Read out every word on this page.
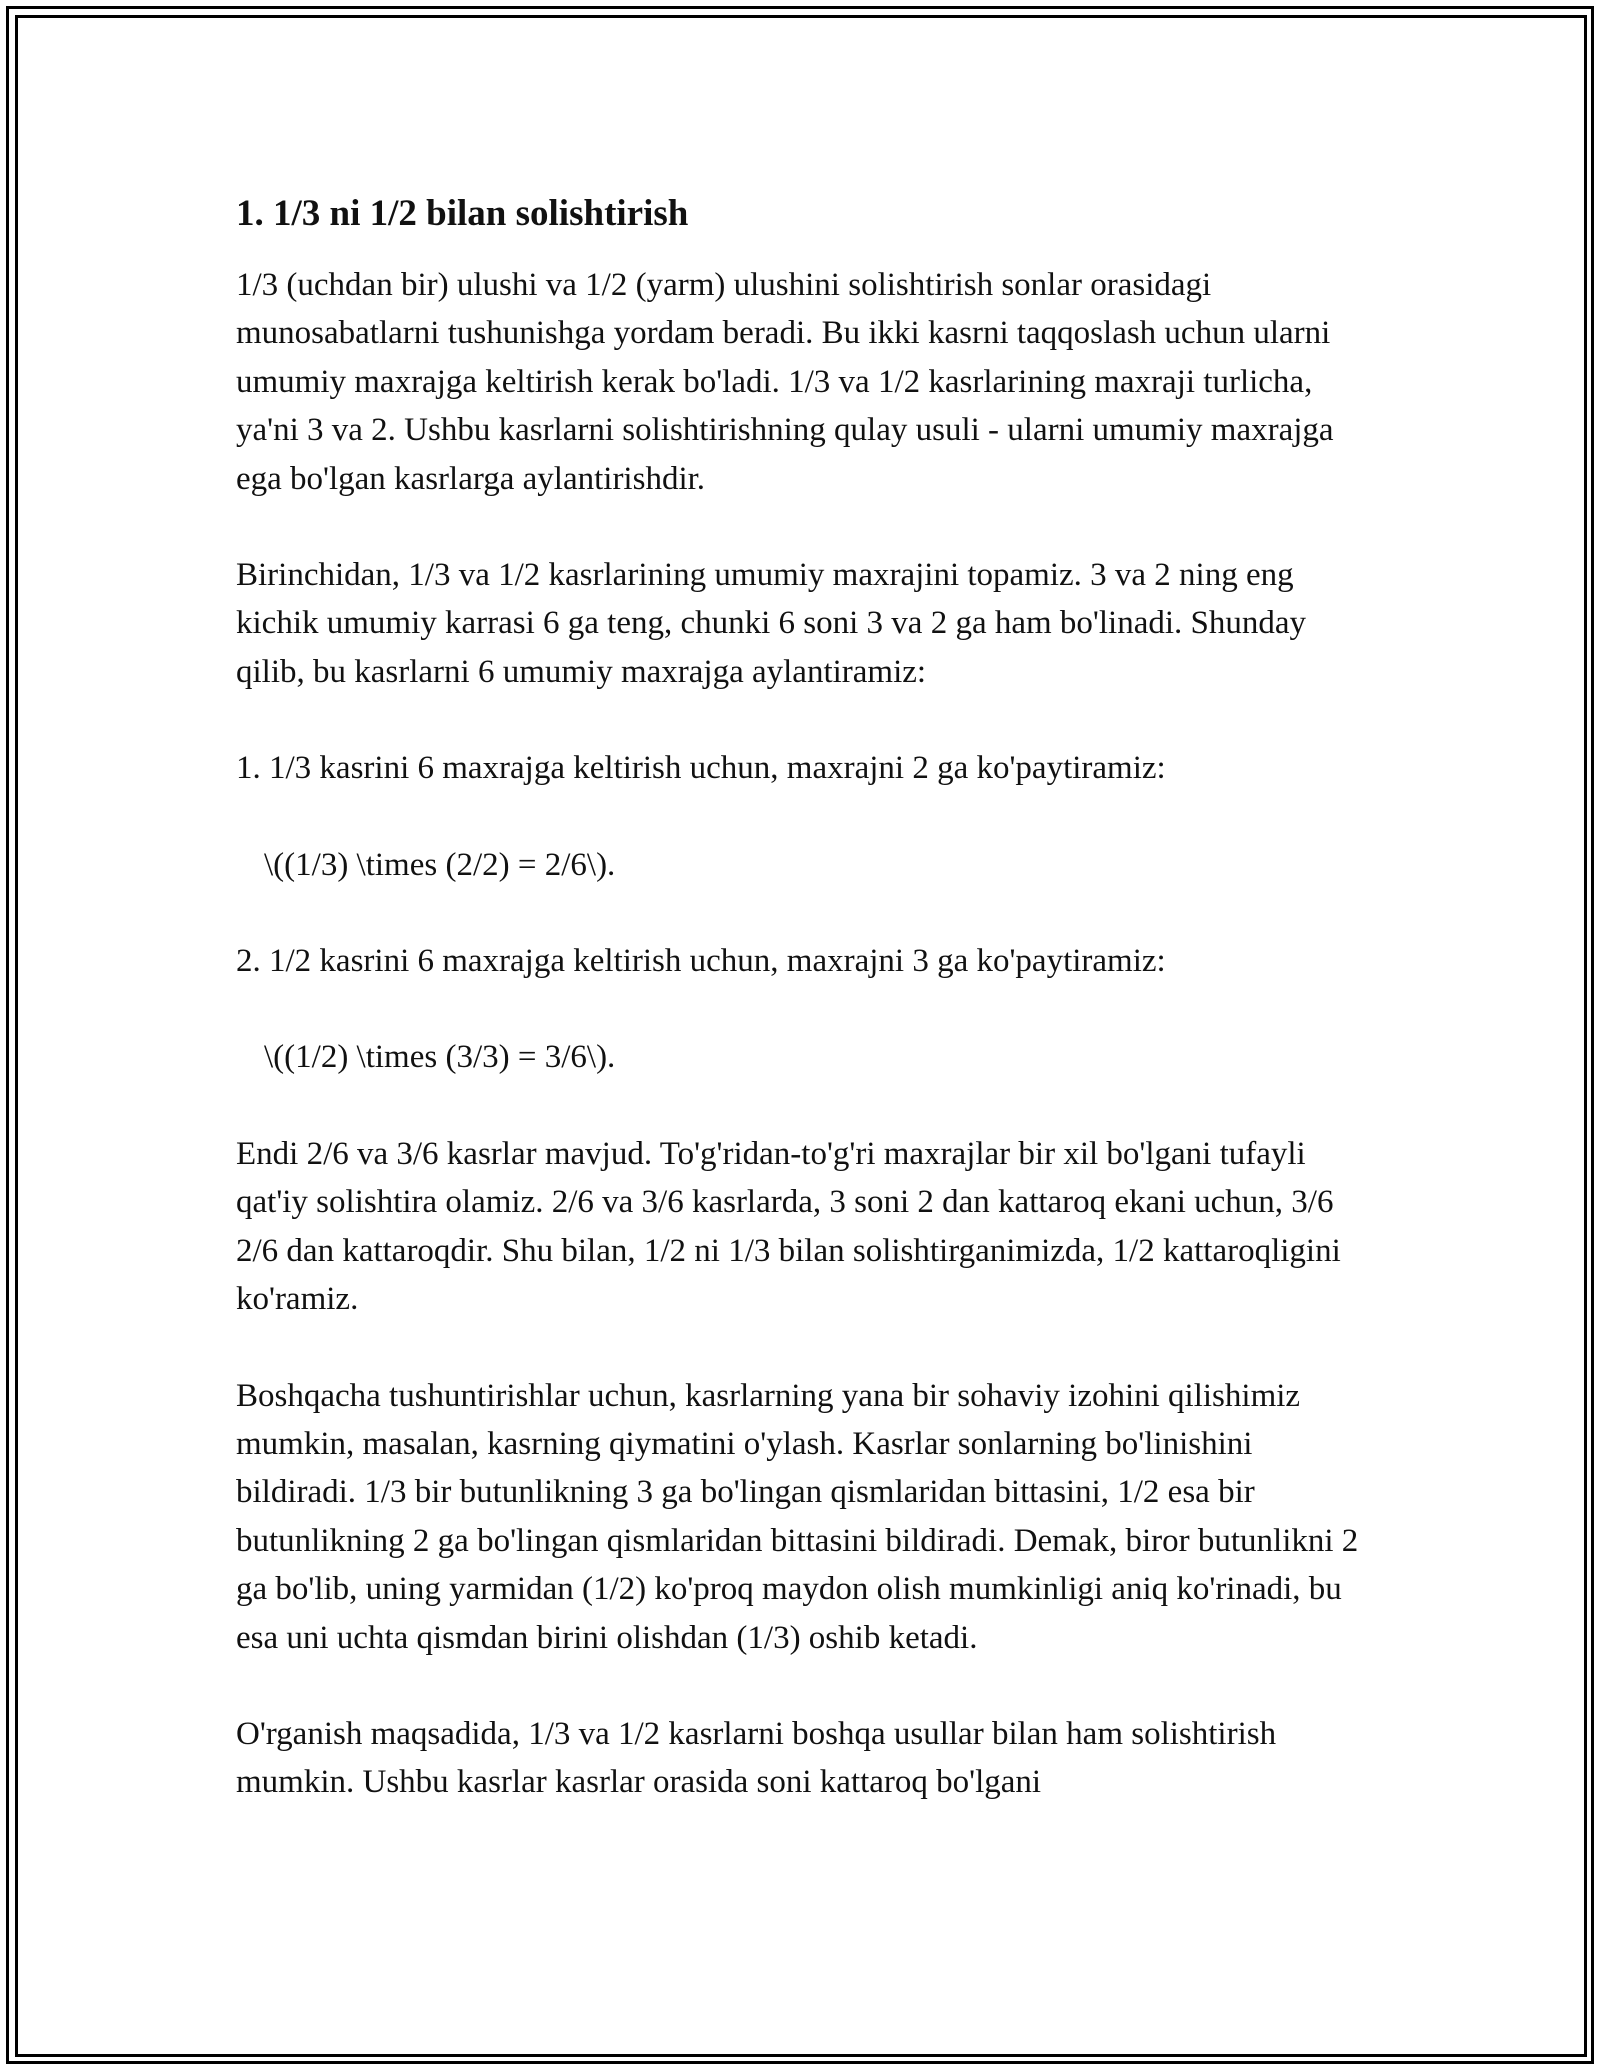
1. 1/3 ni 1/2 bilan solishtirish

1/3 (uchdan bir) ulushi va 1/2 (yarm) ulushini solishtirish sonlar orasidagi munosabatlarni tushunishga yordam beradi. Bu ikki kasrni taqqoslash uchun ularni umumiy maxrajga keltirish kerak bo'ladi. 1/3 va 1/2 kasrlarining maxraji turlicha, ya'ni 3 va 2. Ushbu kasrlarni solishtirishning qulay usuli - ularni umumiy maxrajga ega bo'lgan kasrlarga aylantirishdir.

Birinchidan, 1/3 va 1/2 kasrlarining umumiy maxrajini topamiz. 3 va 2 ning eng kichik umumiy karrasi 6 ga teng, chunki 6 soni 3 va 2 ga ham bo'linadi. Shunday qilib, bu kasrlarni 6 umumiy maxrajga aylantiramiz:

1. 1/3 kasrini 6 maxrajga keltirish uchun, maxrajni 2 ga ko'paytiramiz:

\((1/3) \times (2/2) = 2/6\).

2. 1/2 kasrini 6 maxrajga keltirish uchun, maxrajni 3 ga ko'paytiramiz:

\((1/2) \times (3/3) = 3/6\).

Endi 2/6 va 3/6 kasrlar mavjud. To'g'ridan-to'g'ri maxrajlar bir xil bo'lgani tufayli qat'iy solishtira olamiz. 2/6 va 3/6 kasrlarda, 3 soni 2 dan kattaroq ekani uchun, 3/6 2/6 dan kattaroqdir. Shu bilan, 1/2 ni 1/3 bilan solishtirganimizda, 1/2 kattaroqligini ko'ramiz.

Boshqacha tushuntirishlar uchun, kasrlarning yana bir sohaviy izohini qilishimiz mumkin, masalan, kasrning qiymatini o'ylash. Kasrlar sonlarning bo'linishini bildiradi. 1/3 bir butunlikning 3 ga bo'lingan qismlaridan bittasini, 1/2 esa bir butunlikning 2 ga bo'lingan qismlaridan bittasini bildiradi. Demak, biror butunlikni 2 ga bo'lib, uning yarmidan (1/2) ko'proq maydon olish mumkinligi aniq ko'rinadi, bu esa uni uchta qismdan birini olishdan (1/3) oshib ketadi.

O'rganish maqsadida, 1/3 va 1/2 kasrlarni boshqa usullar bilan ham solishtirish mumkin. Ushbu kasrlar kasrlar orasida soni kattaroq bo'lgani
